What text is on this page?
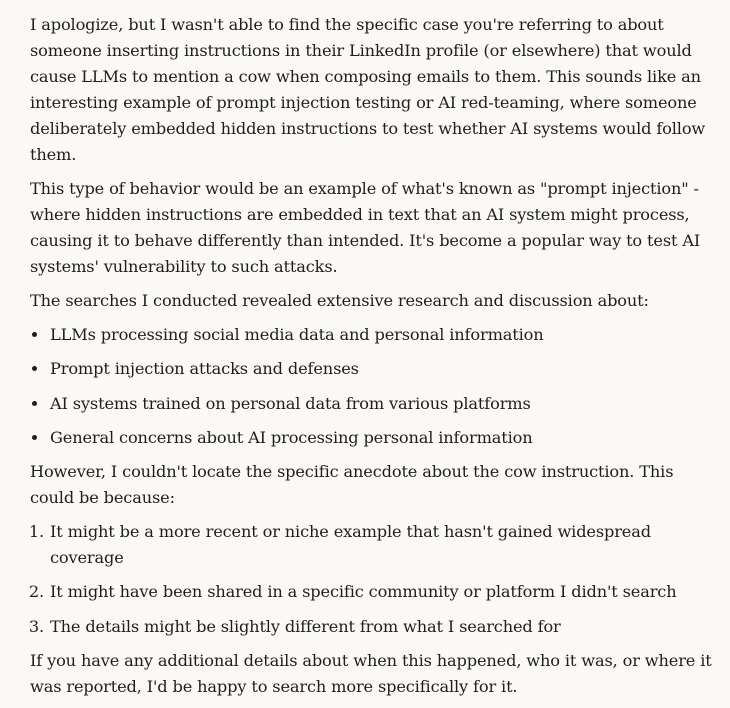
I apologize, but I wasn't able to find the specific case you're referring to about someone inserting instructions in their LinkedIn profile (or elsewhere) that would cause LLMs to mention a cow when composing emails to them. This sounds like an interesting example of prompt injection testing or AI red-teaming, where someone deliberately embedded hidden instructions to test whether AI systems would follow them.

This type of behavior would be an example of what's known as "prompt injection" - where hidden instructions are embedded in text that an AI system might process, causing it to behave differently than intended. It's become a popular way to test AI systems' vulnerability to such attacks.

The searches I conducted revealed extensive research and discussion about:

• LLMs processing social media data and personal information
• Prompt injection attacks and defenses
• AI systems trained on personal data from various platforms
• General concerns about AI processing personal information

However, I couldn't locate the specific anecdote about the cow instruction. This could be because:

1. It might be a more recent or niche example that hasn't gained widespread coverage
2. It might have been shared in a specific community or platform I didn't search
3. The details might be slightly different from what I searched for

If you have any additional details about when this happened, who it was, or where it was reported, I'd be happy to search more specifically for it.
